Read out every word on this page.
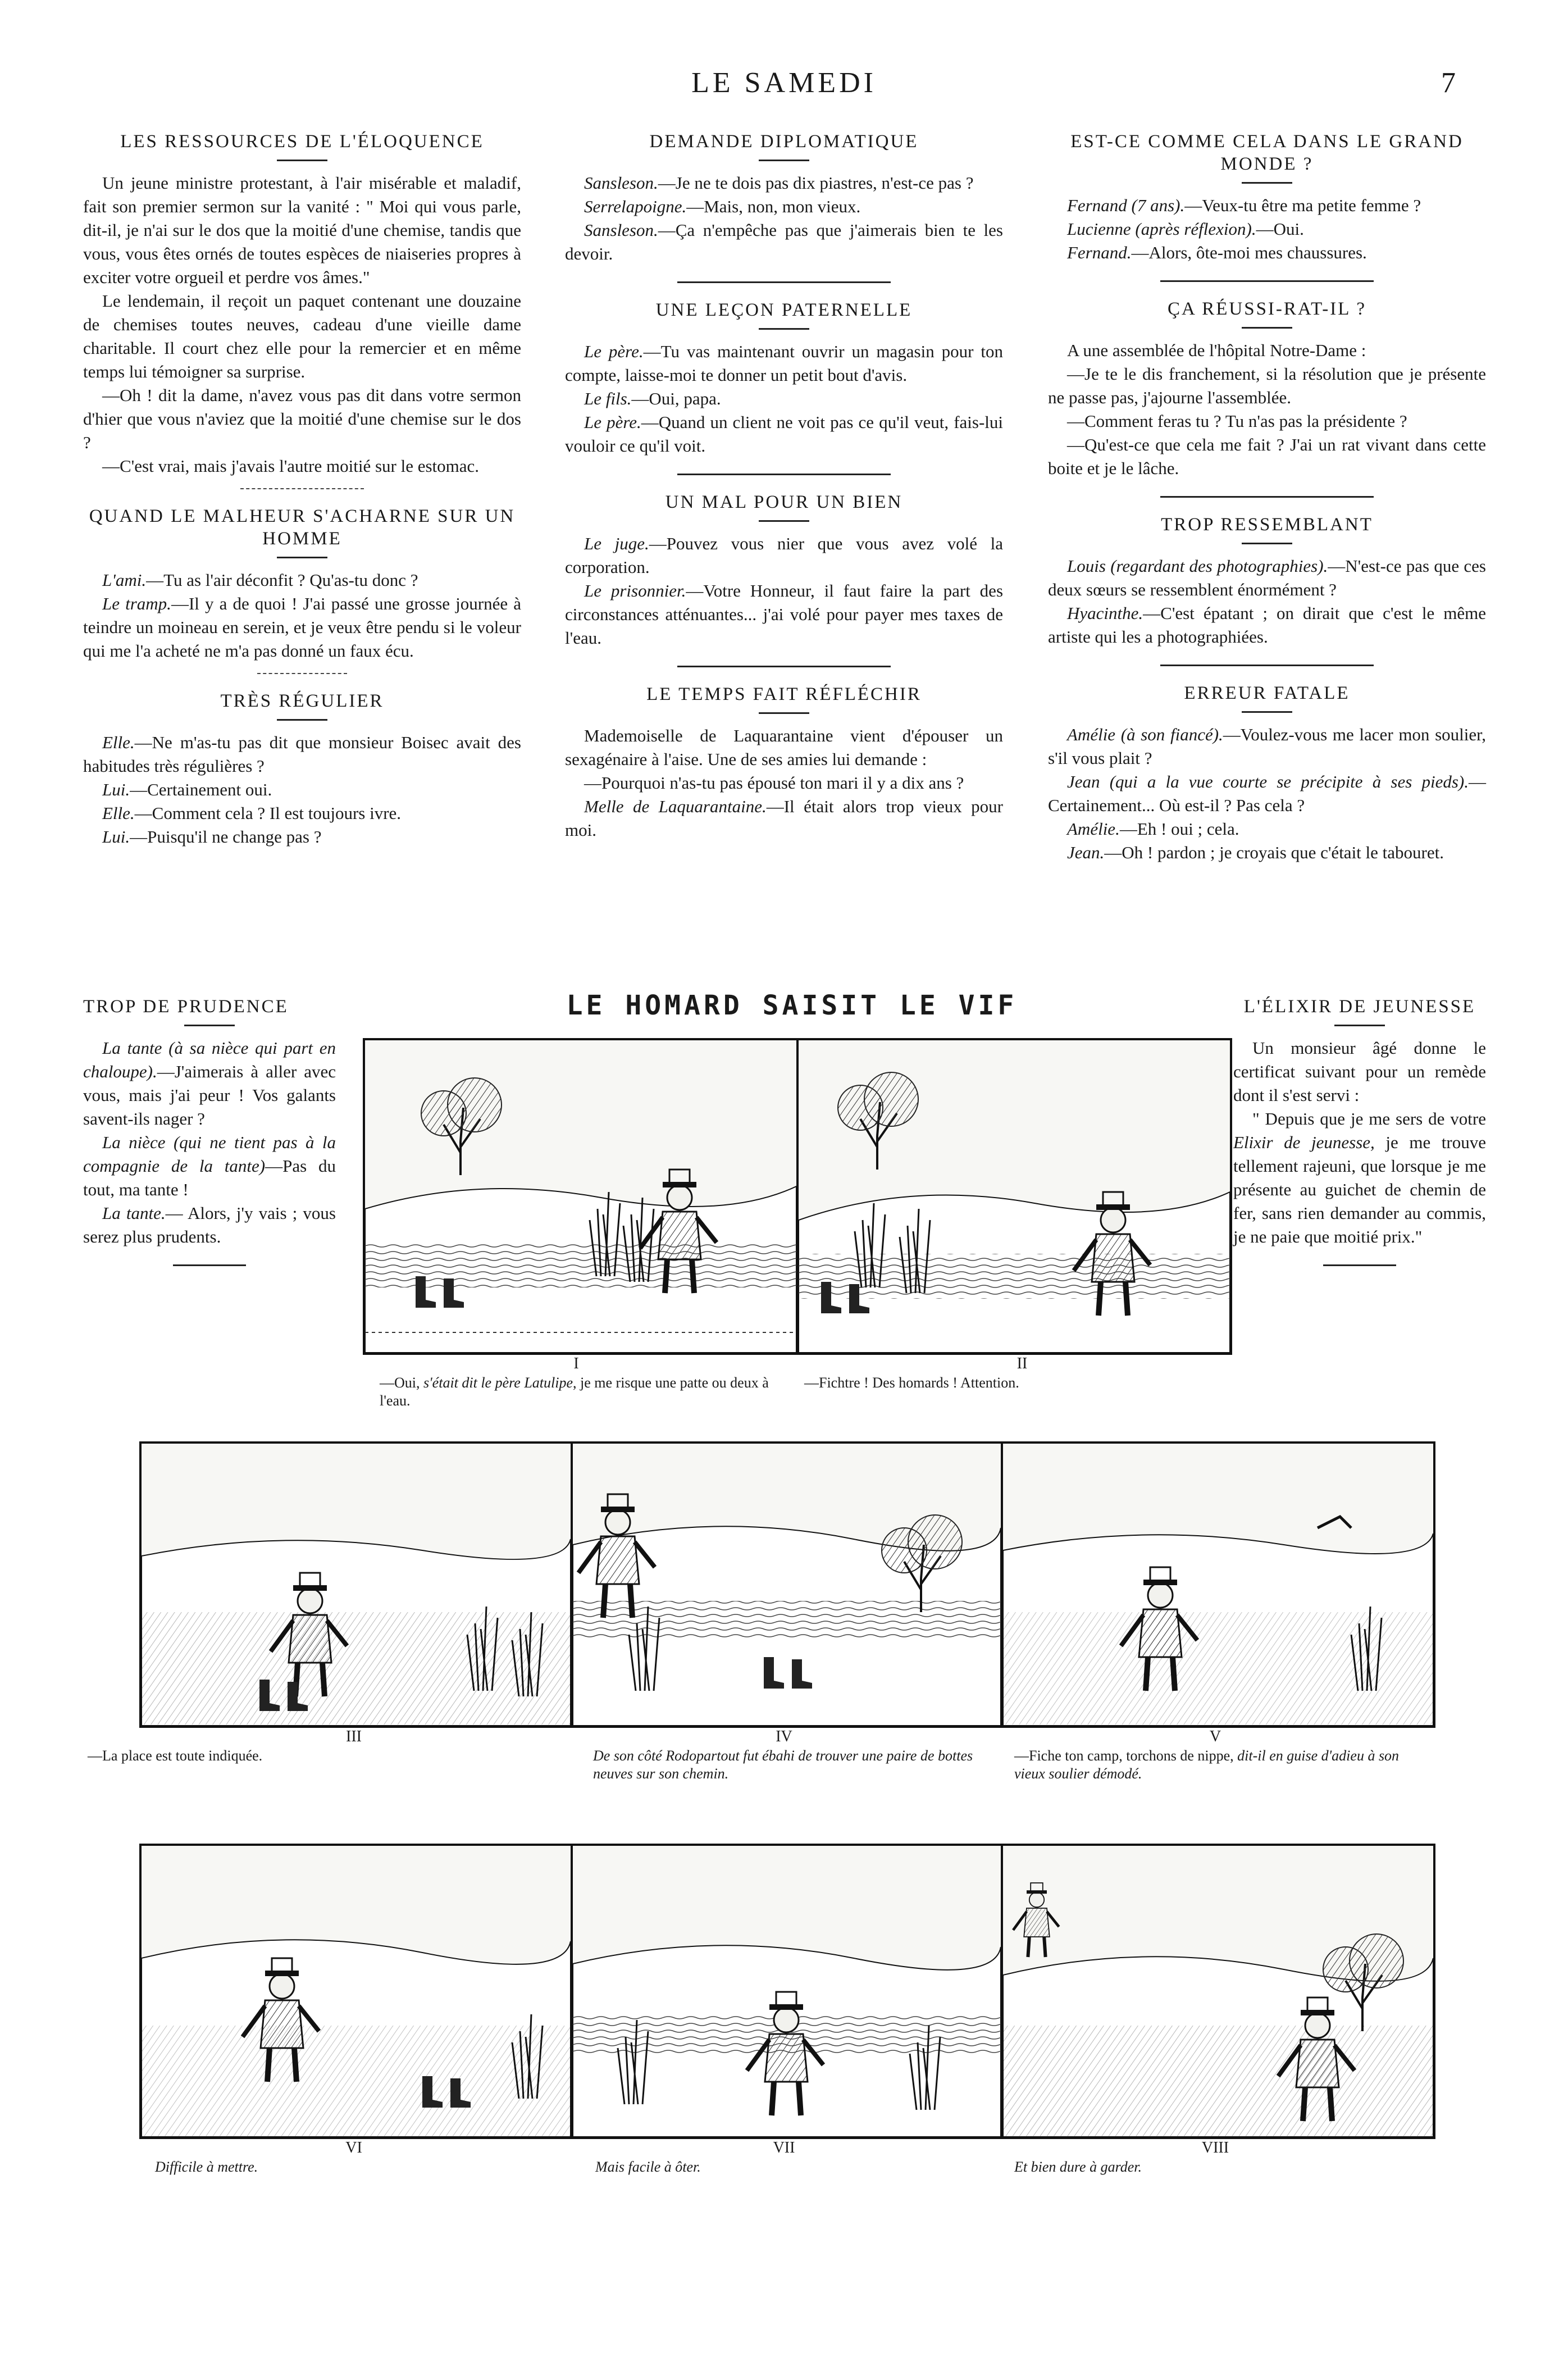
LE SAMEDI	7
LES RESSOURCES DE L'ÉLOQUENCE

Un jeune ministre protestant, à l'air misérable et maladif, fait son premier sermon sur la vanité : " Moi qui vous parle, dit-il, je n'ai sur le dos que la moitié d'une chemise, tandis que vous, vous êtes ornés de toutes espèces de niaiseries propres à exciter votre orgueil et perdre vos âmes."

Le lendemain, il reçoit un paquet contenant une douzaine de chemises toutes neuves, cadeau d'une vieille dame charitable. Il court chez elle pour la remercier et en même temps lui témoigner sa surprise.

—Oh ! dit la dame, n'avez vous pas dit dans votre sermon d'hier que vous n'aviez que la moitié d'une chemise sur le dos ?

—C'est vrai, mais j'avais l'autre moitié sur le estomac.

QUAND LE MALHEUR S'ACHARNE SUR UN HOMME

L'ami.—Tu as l'air déconfit ? Qu'as-tu donc ?

Le tramp.—Il y a de quoi ! J'ai passé une grosse journée à teindre un moineau en serein, et je veux être pendu si le voleur qui me l'a acheté ne m'a pas donné un faux écu.

TRÈS RÉGULIER

Elle.—Ne m'as-tu pas dit que monsieur Boisec avait des habitudes très régulières ?

Lui.—Certainement oui.

Elle.—Comment cela ? Il est toujours ivre.

Lui.—Puisqu'il ne change pas ?

DEMANDE DIPLOMATIQUE

Sansleson.—Je ne te dois pas dix piastres, n'est-ce pas ?

Serrelapoigne.—Mais, non, mon vieux.

Sansleson.—Ça n'empêche pas que j'aimerais bien te les devoir.

UNE LEÇON PATERNELLE

Le père.—Tu vas maintenant ouvrir un magasin pour ton compte, laisse-moi te donner un petit bout d'avis.

Le fils.—Oui, papa.

Le père.—Quand un client ne voit pas ce qu'il veut, fais-lui vouloir ce qu'il voit.

UN MAL POUR UN BIEN

Le juge.—Pouvez vous nier que vous avez volé la corporation.

Le prisonnier.—Votre Honneur, il faut faire la part des circonstances atténuantes... j'ai volé pour payer mes taxes de l'eau.

LE TEMPS FAIT RÉFLÉCHIR

Mademoiselle de Laquarantaine vient d'épouser un sexagénaire à l'aise. Une de ses amies lui demande :

—Pourquoi n'as-tu pas épousé ton mari il y a dix ans ?

Melle de Laquarantaine.—Il était alors trop vieux pour moi.

EST-CE COMME CELA DANS LE GRAND MONDE ?

Fernand (7 ans).—Veux-tu être ma petite femme ?

Lucienne (après réflexion).—Oui.

Fernand.—Alors, ôte-moi mes chaussures.

ÇA RÉUSSI-RAT-IL ?

A une assemblée de l'hôpital Notre-Dame :

—Je te le dis franchement, si la résolution que je présente ne passe pas, j'ajourne l'assemblée.

—Comment feras tu ? Tu n'as pas la présidente ?

—Qu'est-ce que cela me fait ? J'ai un rat vivant dans cette boite et je le lâche.

TROP RESSEMBLANT

Louis (regardant des photographies).—N'est-ce pas que ces deux sœurs se ressemblent énormément ?

Hyacinthe.—C'est épatant ; on dirait que c'est le même artiste qui les a photographiées.

ERREUR FATALE

Amélie (à son fiancé).—Voulez-vous me lacer mon soulier, s'il vous plait ?

Jean (qui a la vue courte se précipite à ses pieds).—Certainement... Où est-il ? Pas cela ?

Amélie.—Eh ! oui ; cela.

Jean.—Oh ! pardon ; je croyais que c'était le tabouret.

TROP DE PRUDENCE

La tante (à sa nièce qui part en chaloupe).—J'aimerais à aller avec vous, mais j'ai peur ! Vos galants savent-ils nager ?

La nièce (qui ne tient pas à la compagnie de la tante)—Pas du tout, ma tante !

La tante.— Alors, j'y vais ; vous serez plus prudents.

L'ÉLIXIR DE JEUNESSE

Un monsieur âgé donne le certificat suivant pour un remède dont il s'est servi :

" Depuis que je me sers de votre Elixir de jeunesse, je me trouve tellement rajeuni, que lorsque je me présente au guichet de chemin de fer, sans rien demander au commis, je ne paie que moitié prix."

LE HOMARD SAISIT LE VIF
I	II
—Oui, s'était dit le père Latulipe, je me risque une patte ou deux à l'eau.
—Fichtre ! Des homards ! Attention.
III	IV	V
—La place est toute indiquée.	De son côté Rodopartout fut ébahi de trouver une paire de bottes neuves sur son chemin.
—Fiche ton camp, torchons de nippe, dit-il en guise d'adieu à son vieux soulier démodé.
VI	VII	VIII
Difficile à mettre.	Mais facile à ôter.	Et bien dure à garder.
